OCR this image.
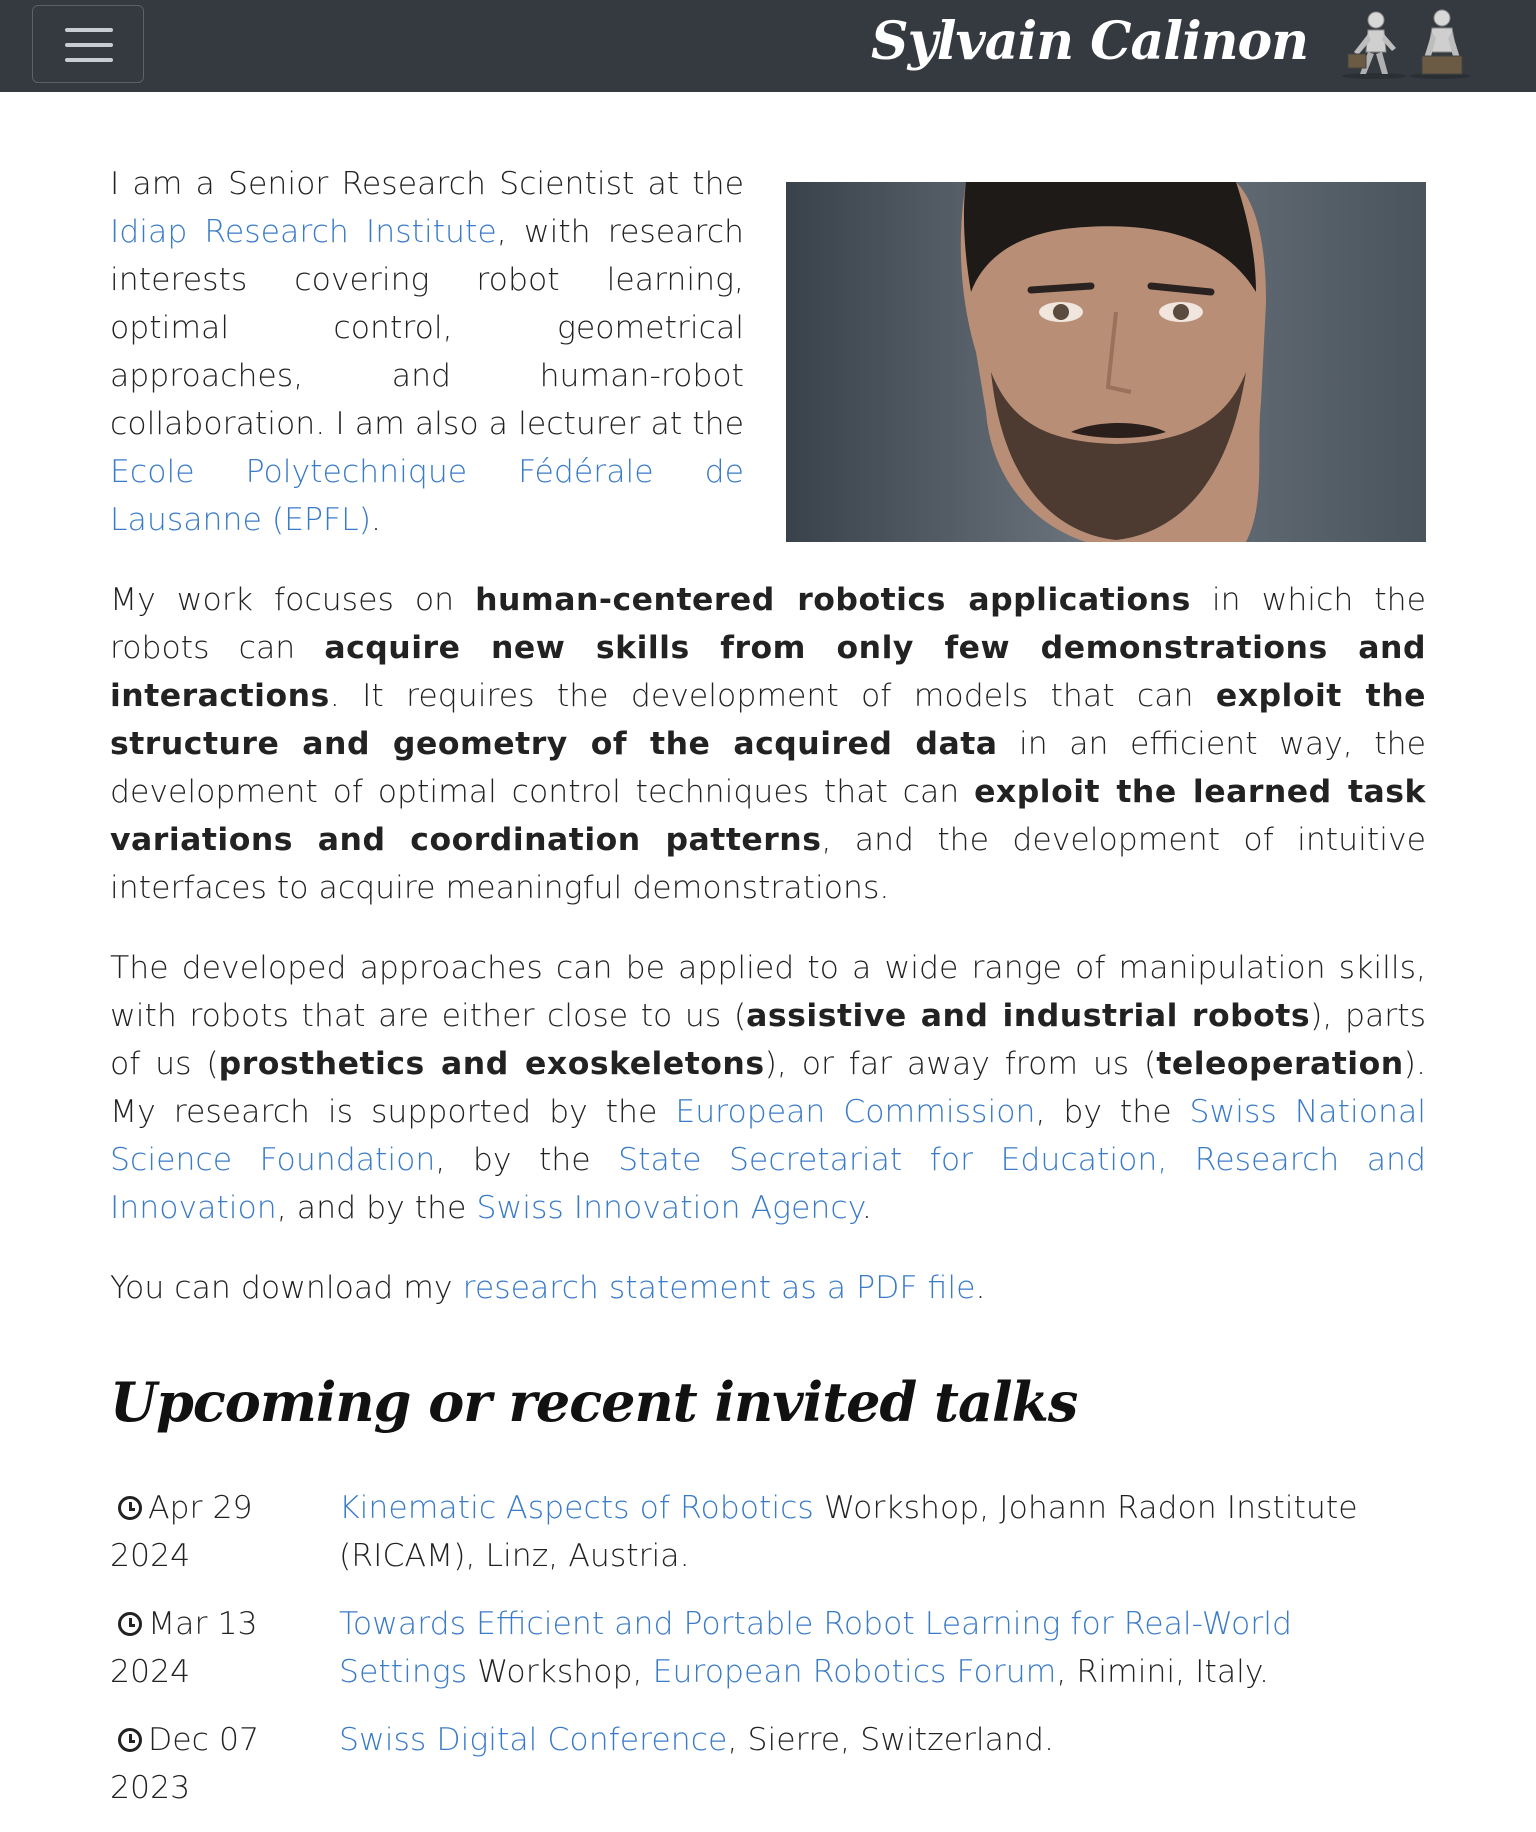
Sylvain Calinon

I am a Senior Research Scientist at the Idiap Research Institute, with research interests covering robot learning, optimal control, geometrical approaches, and human-robot collaboration. I am also a lecturer at the Ecole Polytechnique Fédérale de Lausanne (EPFL).

My work focuses on human-centered robotics applications in which the robots can acquire new skills from only few demonstrations and interactions. It requires the development of models that can exploit the structure and geometry of the acquired data in an efficient way, the development of optimal control techniques that can exploit the learned task variations and coordination patterns, and the development of intuitive interfaces to acquire meaningful demonstrations.

The developed approaches can be applied to a wide range of manipulation skills, with robots that are either close to us (assistive and industrial robots), parts of us (prosthetics and exoskeletons), or far away from us (teleoperation). My research is supported by the European Commission, by the Swiss National Science Foundation, by the State Secretariat for Education, Research and Innovation, and by the Swiss Innovation Agency.

You can download my research statement as a PDF file.

Upcoming or recent invited talks
Apr 29 2024
Kinematic Aspects of Robotics Workshop, Johann Radon Institute (RICAM), Linz, Austria.
Mar 13 2024
Towards Efficient and Portable Robot Learning for Real-World Settings Workshop, European Robotics Forum, Rimini, Italy.
Dec 07 2023
Swiss Digital Conference, Sierre, Switzerland.
